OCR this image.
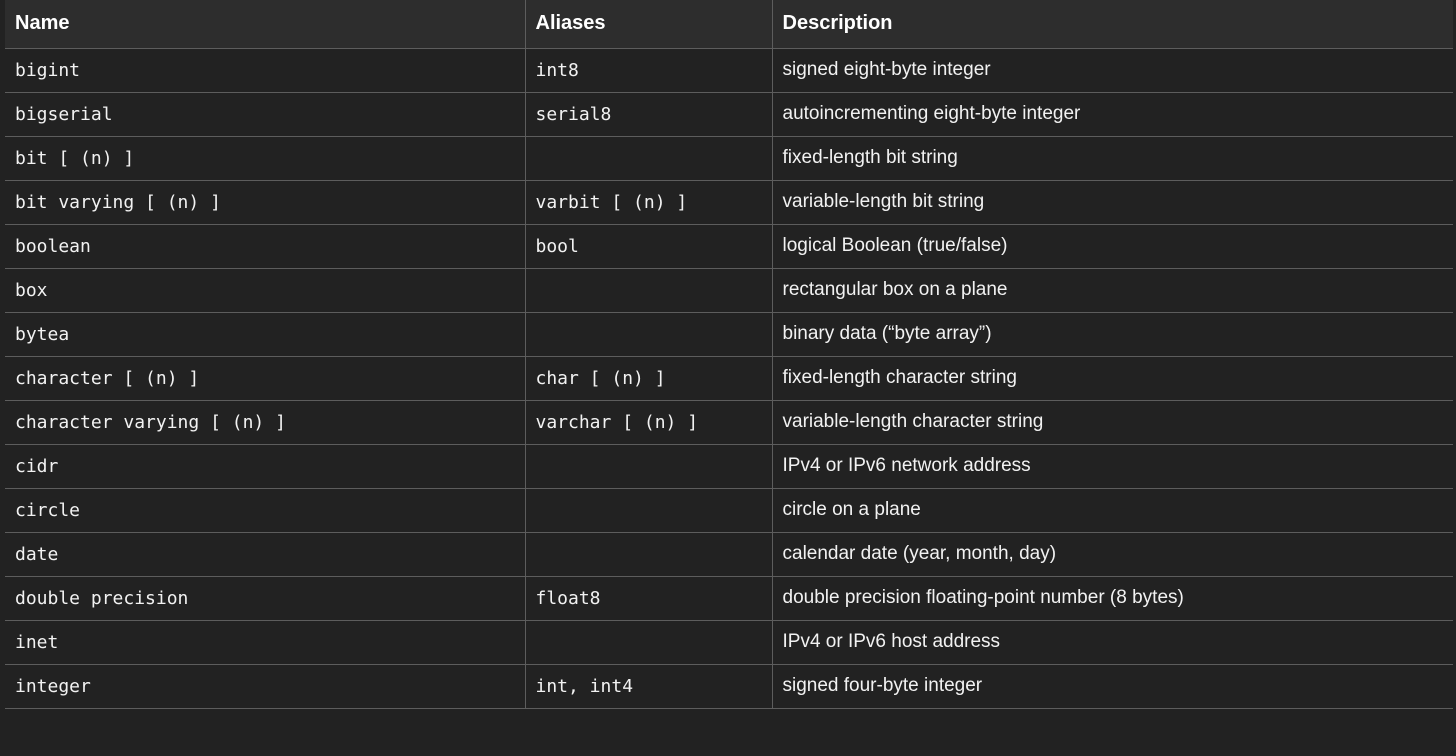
Name	Aliases	Description
bigint	int8	signed eight-byte integer
bigserial	serial8	autoincrementing eight-byte integer
bit [ (n) ]		fixed-length bit string
bit varying [ (n) ]	varbit [ (n) ]	variable-length bit string
boolean	bool	logical Boolean (true/false)
box		rectangular box on a plane
bytea		binary data (“byte array”)
character [ (n) ]	char [ (n) ]	fixed-length character string
character varying [ (n) ]	varchar [ (n) ]	variable-length character string
cidr		IPv4 or IPv6 network address
circle		circle on a plane
date		calendar date (year, month, day)
double precision	float8	double precision floating-point number (8 bytes)
inet		IPv4 or IPv6 host address
integer	int, int4	signed four-byte integer
